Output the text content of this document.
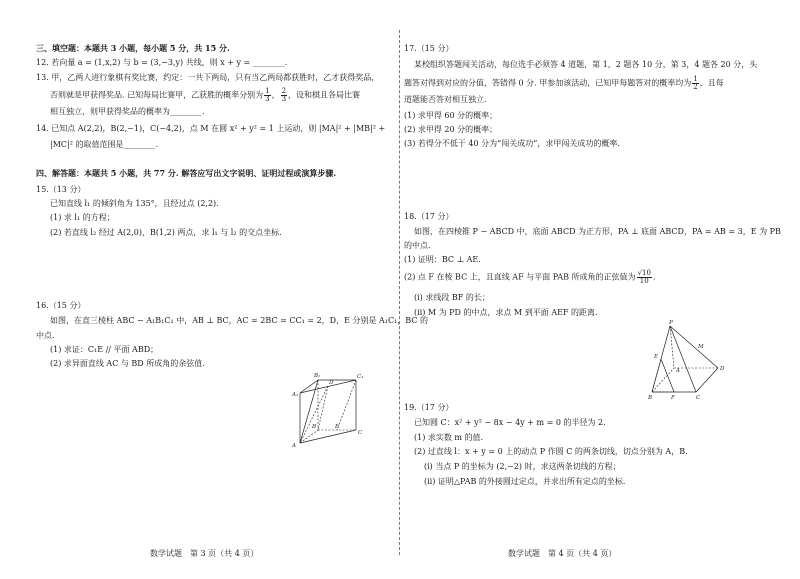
三、填空题：本题共 3 小题，每小题 5 分，共 15 分.
12. 若向量 a = (1,x,2) 与 b = (3,−3,y) 共线，则 x + y = ________.
13. 甲，乙两人进行象棋有奖比赛，约定：一共下两局，只有当乙两局都获胜时，乙才获得奖品，
否则就是甲获得奖品. 已知每局比赛甲，乙获胜的概率分别为 $\frac{1}{3}$ ， $\frac{2}{3}$ ，设和棋且各局比赛
相互独立，则甲获得奖品的概率为________.
14. 已知点 A(2,2)，B(2,−1)，C(−4,2)，点 M 在圆 x² + y² = 1 上运动，则 |MA|² + |MB|² +
|MC|² 的取值范围是________.
四、解答题：本题共 5 小题，共 77 分. 解答应写出文字说明、证明过程或演算步骤.
15.（13 分）
已知直线 l₁ 的倾斜角为 135°，且经过点 (2,2).
(1) 求 l₁ 的方程；
(2) 若直线 l₂ 经过 A(2,0)，B(1,2) 两点，求 l₁ 与 l₂ 的交点坐标.
16.（15 分）
如图，在直三棱柱 ABC − A₁B₁C₁ 中，AB ⊥ BC，AC = 2BC = CC₁ = 2，D，E 分别是 A₁C₁，BC 的
中点.
(1) 求证：C₁E // 平面 ABD；
(2) 求异面直线 AC 与 BD 所成角的余弦值.
A₁
B₁	C₁
D
A
B	E
C
数学试题　第 3 页（共 4 页）
17.（15 分）
某校组织答题闯关活动，每位选手必须答 4 道题，第 1，2 题各 10 分，第 3，4 题各 20 分，头
题答对得到对应的分值，答错得 0 分. 甲参加该活动，已知甲每题答对的概率均为 $\frac{1}{2}$ ，且每
道题能否答对相互独立.
(1) 求甲得 60 分的概率；
(2) 求甲得 20 分的概率；
(3) 若得分不低于 40 分为“闯关成功”，求甲闯关成功的概率.
18.（17 分）
如图，在四棱锥 P − ABCD 中，底面 ABCD 为正方形，PA ⊥ 底面 ABCD，PA = AB = 3，E 为 PB
的中点.
(1) 证明：BC ⊥ AE.
(2) 点 F 在棱 BC 上，且直线 AF 与平面 PAB 所成角的正弦值为 $\frac{√10}{10}$ .
(ⅰ) 求线段 BF 的长；
(ⅱ) M 为 PD 的中点，求点 M 到平面 AEF 的距离.
P
M
E
A
B	F	C
D
19.（17 分）
已知圆 C：x² + y² − 8x − 4y + m = 0 的半径为 2.
(1) 求实数 m 的值.
(2) 过直线 l：x + y = 0 上的动点 P 作圆 C 的两条切线，切点分别为 A，B.
(ⅰ) 当点 P 的坐标为 (2,−2) 时，求这两条切线的方程；
(ⅱ) 证明△PAB 的外接圆过定点，并求出所有定点的坐标.
数学试题　第 4 页（共 4 页）
